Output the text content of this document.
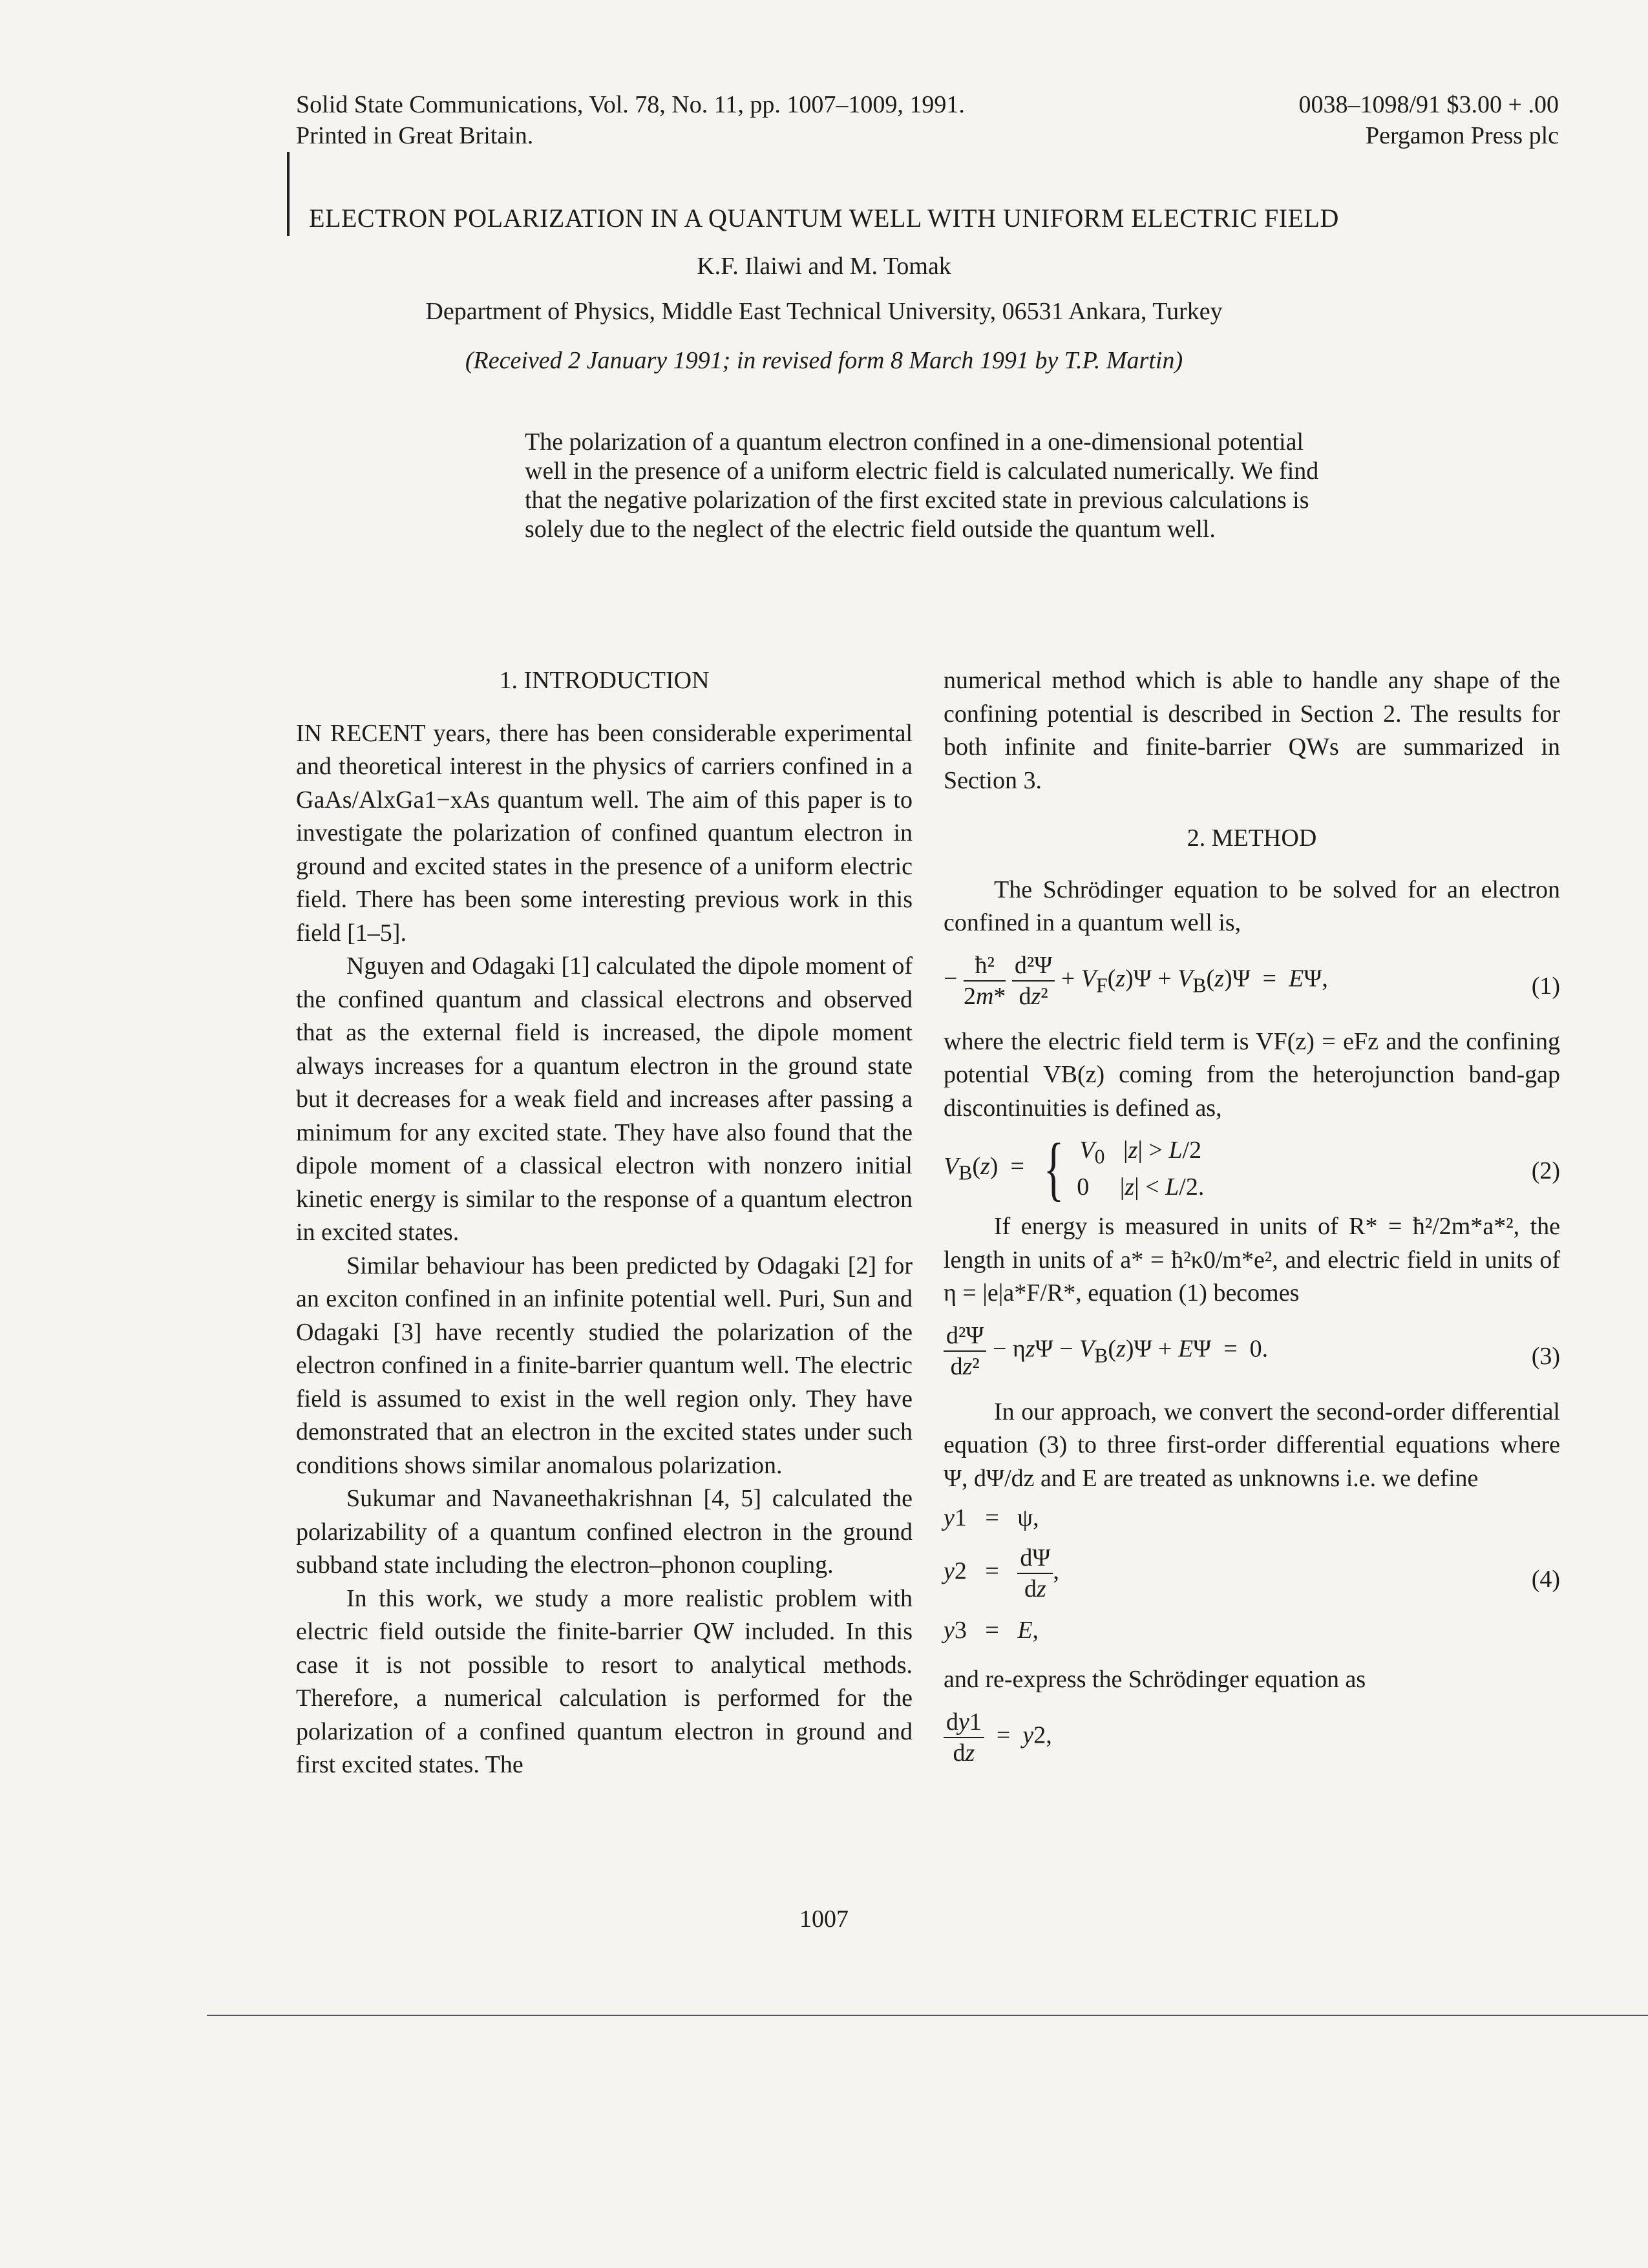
Solid State Communications, Vol. 78, No. 11, pp. 1007–1009, 1991.
Printed in Great Britain.
0038–1098/91 $3.00 + .00
Pergamon Press plc
ELECTRON POLARIZATION IN A QUANTUM WELL WITH UNIFORM ELECTRIC FIELD
K.F. Ilaiwi and M. Tomak
Department of Physics, Middle East Technical University, 06531 Ankara, Turkey
(Received 2 January 1991; in revised form 8 March 1991 by T.P. Martin)
The polarization of a quantum electron confined in a one-dimensional potential well in the presence of a uniform electric field is calculated numerically. We find that the negative polarization of the first excited state in previous calculations is solely due to the neglect of the electric field outside the quantum well.

1. INTRODUCTION

IN RECENT years, there has been considerable experimental and theoretical interest in the physics of carriers confined in a GaAs/AlxGa1−xAs quantum well. The aim of this paper is to investigate the polarization of confined quantum electron in ground and excited states in the presence of a uniform electric field. There has been some interesting previous work in this field [1–5].

Nguyen and Odagaki [1] calculated the dipole moment of the confined quantum and classical electrons and observed that as the external field is increased, the dipole moment always increases for a quantum electron in the ground state but it decreases for a weak field and increases after passing a minimum for any excited state. They have also found that the dipole moment of a classical electron with nonzero initial kinetic energy is similar to the response of a quantum electron in excited states.

Similar behaviour has been predicted by Odagaki [2] for an exciton confined in an infinite potential well. Puri, Sun and Odagaki [3] have recently studied the polarization of the electron confined in a finite-barrier quantum well. The electric field is assumed to exist in the well region only. They have demonstrated that an electron in the excited states under such conditions shows similar anomalous polarization.

Sukumar and Navaneethakrishnan [4, 5] calculated the polarizability of a quantum confined electron in the ground subband state including the electron–phonon coupling.

In this work, we study a more realistic problem with electric field outside the finite-barrier QW included. In this case it is not possible to resort to analytical methods. Therefore, a numerical calculation is performed for the polarization of a confined quantum electron in ground and first excited states. The

numerical method which is able to handle any shape of the confining potential is described in Section 2. The results for both infinite and finite-barrier QWs are summarized in Section 3.

2. METHOD

The Schrödinger equation to be solved for an electron confined in a quantum well is,

− $\frac{\text{ħ²}}{2m*}$
$\frac{\text{d²Ψ}}{\text{dz²}} + V_F(z)\Psi + V_B(z)\Psi = E\Psi$,	(1)

where the electric field term is VF(z) = eFz and the confining potential VB(z) coming from the heterojunction band-gap discontinuities is defined as,

$V_B(z)$  =  { $V_0$   |z| > L/2
0     |z| < L/2.
(2)

If energy is measured in units of R* = ħ²/2m*a*², the length in units of a* = ħ²κ0/m*e², and electric field in units of η = |e|a*F/R*, equation (1) becomes

$\frac{\text{d²Ψ}}{\text{dz²}} - \eta z\Psi - V_B(z)\Psi + E\Psi = 0$.	(3)

In our approach, we convert the second-order differential equation (3) to three first-order differential equations where Ψ, dΨ/dz and E are treated as unknowns i.e. we define

y1   =   ψ,
$y2 = \frac{d\Psi}{dz}$ ,
y3   =   E,
(4)

and re-express the Schrödinger equation as

$\frac{dy1}{dz} = y2$,
1007
